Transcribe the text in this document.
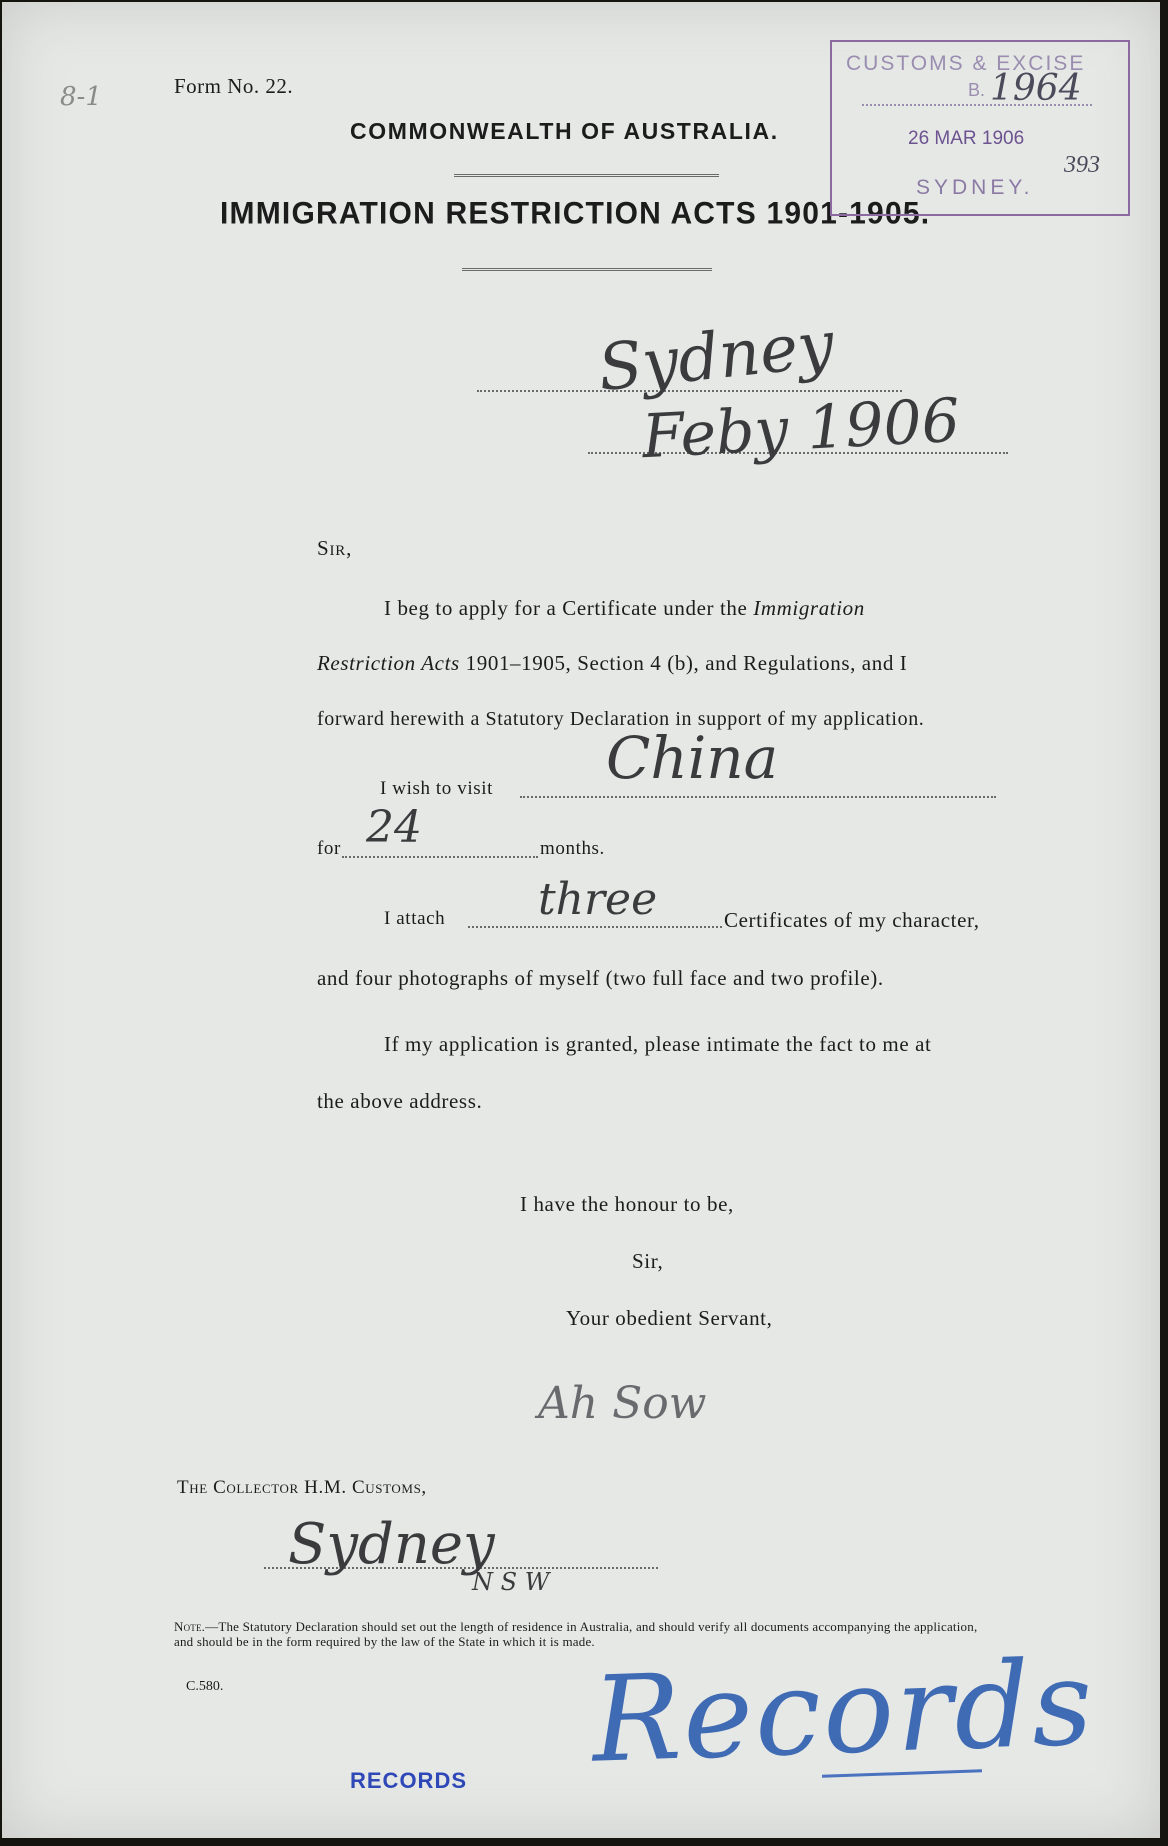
8-1	Form No. 22.
COMMONWEALTH OF AUSTRALIA.
IMMIGRATION RESTRICTION ACTS 1901-1905.
CUSTOMS & EXCISE
B.
26 MAR 1906
SYDNEY.
1964
393
Sydney
Feby 1906
Sir,
I beg to apply for a Certificate under the Immigration
Restriction Acts 1901–1905, Section 4 (b), and Regulations, and I
forward herewith a Statutory Declaration in support of my application.
I wish to visit China
for 24	months.
I attach three	Certificates of my character,
and four photographs of myself (two full face and two profile).
If my application is granted, please intimate the fact to me at
the above address.
I have the honour to be,
Sir,
Your obedient Servant,
Ah Sow
The Collector H.M. Customs,
Sydney
N S W
Note.—The Statutory Declaration should set out the length of residence in Australia, and should verify all documents accompanying the application, and should be in the form required by the law of the State in which it is made.
C.580.	Records
RECORDS
